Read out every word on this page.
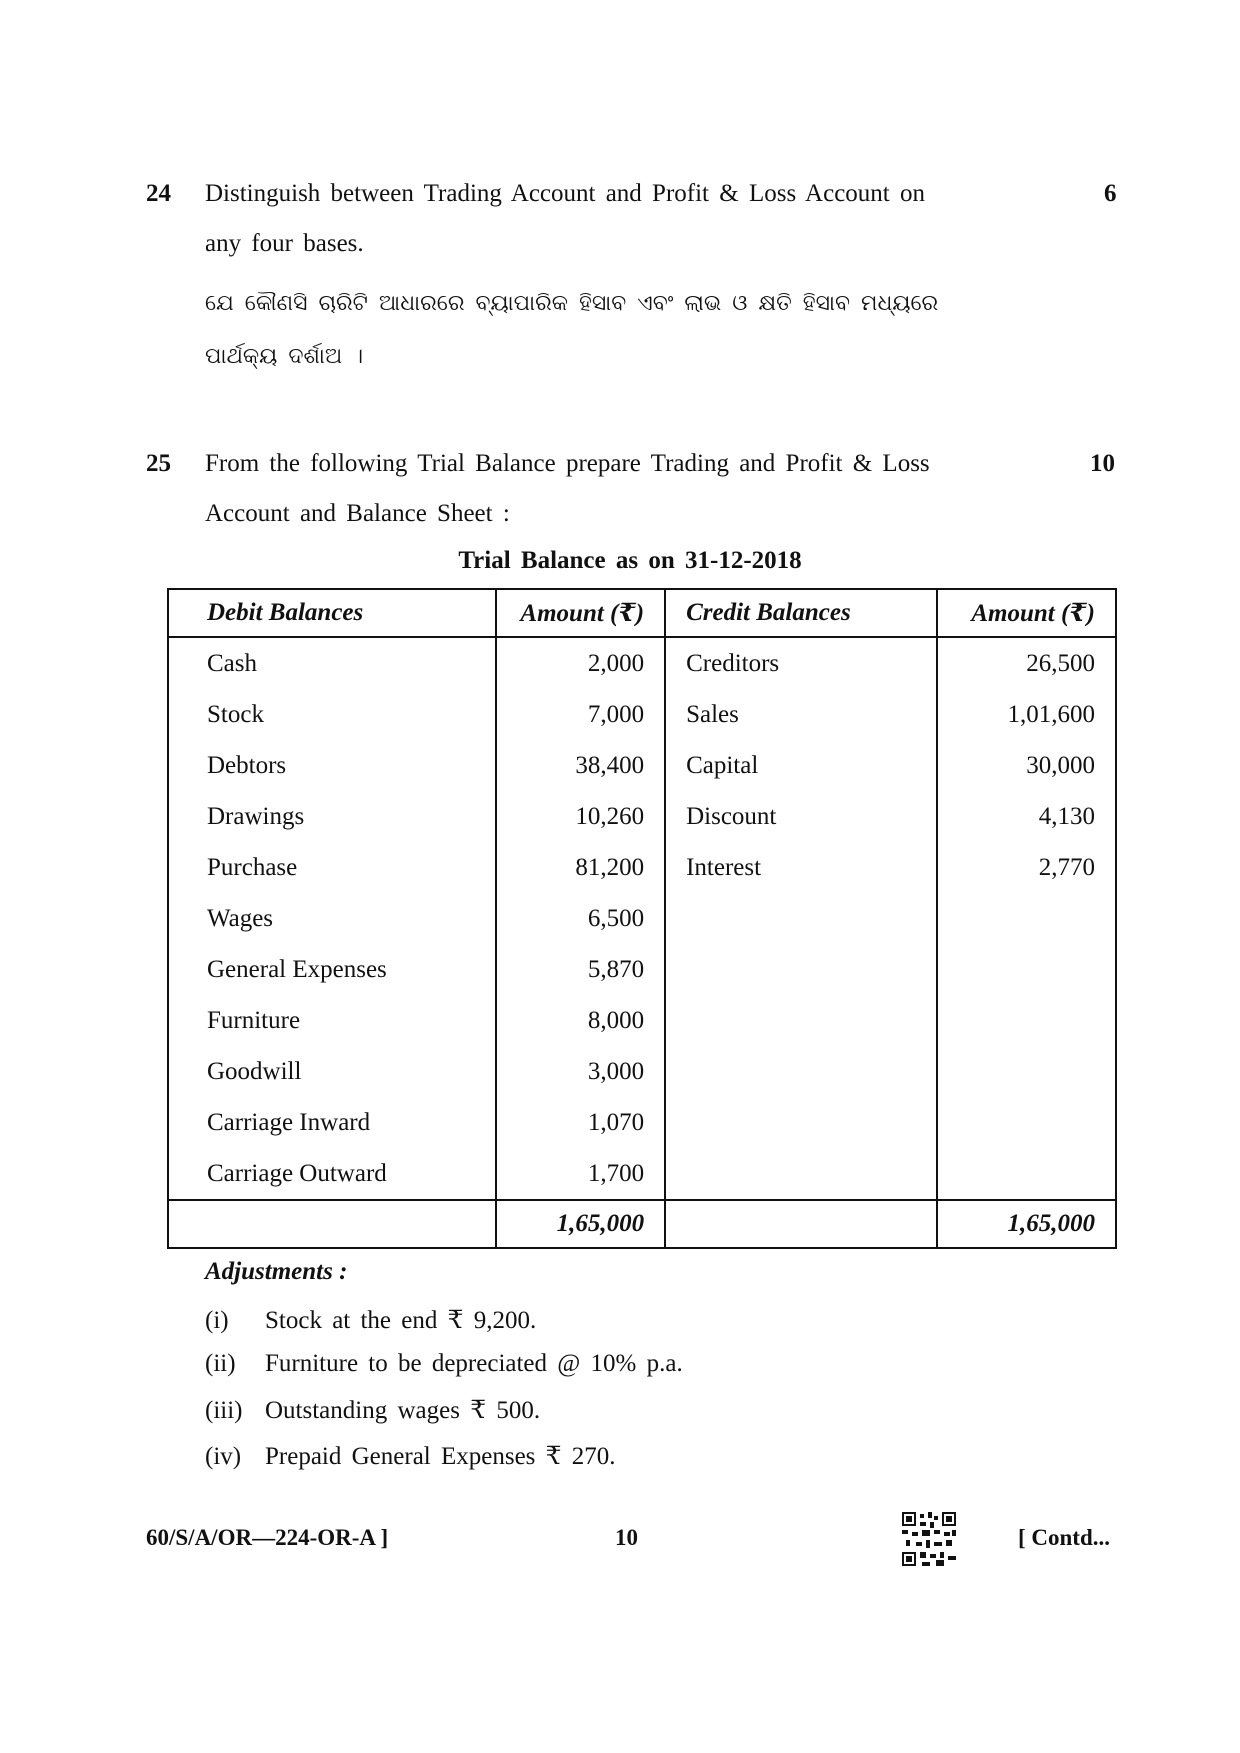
24 Distinguish between Trading Account and Profit & Loss Account on	6
any four bases.
ଯେ କୌଣସି ଚାରିଟି ଆଧାରରେ ବ୍ୟାପାରିକ ହିସାବ ଏବଂ ଲାଭ ଓ କ୍ଷତି ହିସାବ ମଧ୍ୟରେ
ପାର୍ଥକ୍ୟ ଦର୍ଶାଅ ।
25 From the following Trial Balance prepare Trading and Profit & Loss	10
Account and Balance Sheet :
Trial Balance as on 31-12-2018
Debit Balances	Amount (₹)	Credit Balances	Amount (₹)
Cash	2,000	Creditors	26,500
Stock	7,000	Sales	1,01,600
Debtors	38,400	Capital	30,000
Drawings	10,260	Discount	4,130
Purchase	81,200	Interest	2,770
Wages	6,500		
General Expenses	5,870		
Furniture	8,000		
Goodwill	3,000		
Carriage Inward	1,070		
Carriage Outward	1,700		
	1,65,000		1,65,000
Adjustments :
(i) Stock at the end ₹ 9,200.
(ii) Furniture to be depreciated @ 10% p.a.
(iii) Outstanding wages ₹ 500.
(iv) Prepaid General Expenses ₹ 270.
60/S/A/OR—224-OR-A ]	10	[ Contd...
